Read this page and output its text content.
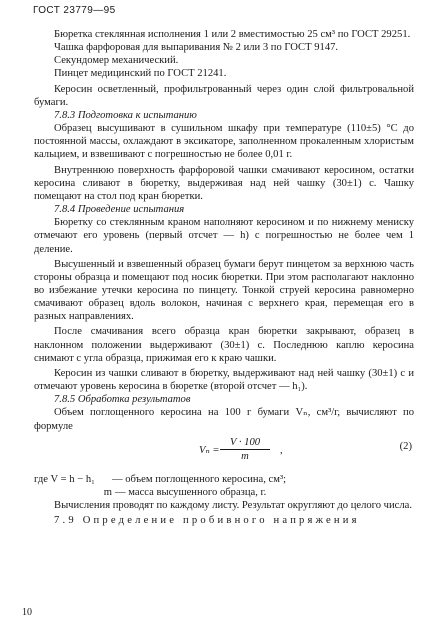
ГОСТ 23779—95

Бюретка стеклянная исполнения 1 или 2 вместимостью 25 см³ по ГОСТ 29251.

Чашка фарфоровая для выпаривания № 2 или 3 по ГОСТ 9147.

Секундомер механический.

Пинцет медицинский по ГОСТ 21241.

Керосин осветленный, профильтрованный через один слой фильтровальной бумаги.

7.8.3 Подготовка к испытанию

Образец высушивают в сушильном шкафу при температуре (110±5) °С до постоянной массы, охлаждают в эксикаторе, заполненном прокаленным хлористым кальцием, и взвешивают с погрешностью не более 0,01 г.

Внутреннюю поверхность фарфоровой чашки смачивают керосином, остатки керосина сливают в бюретку, выдерживая над ней чашку (30±1) с. Чашку помещают на стол под кран бюретки.

7.8.4 Проведение испытания

Бюретку со стеклянным краном наполняют керосином и по нижнему мениску отмечают его уровень (первый отсчет — h) с погрешностью не более чем 1 деление.

Высушенный и взвешенный образец бумаги берут пинцетом за верхнюю часть стороны образца и помещают под носик бюретки. При этом располагают наклонно во избежание утечки керосина по пинцету. Тонкой струей керосина равномерно смачивают образец вдоль волокон, начиная с верхнего края, перемещая его в разных направлениях.

После смачивания всего образца кран бюретки закрывают, образец в наклонном положении выдерживают (30±1) с. Последнюю каплю керосина снимают с угла образца, прижимая его к краю чашки.

Керосин из чашки сливают в бюретку, выдерживают над ней чашку (30±1) с и отмечают уровень керосина в бюретке (второй отсчет — h₁).

7.8.5 Обработка результатов

Объем поглощенного керосина на 100 г бумаги Vₙ, см³/г, вычисляют по формуле

$V_n = \frac{V \cdot 100}{m}$ ,	(2)
где V = h − h₁	— объем поглощенного керосина, см³;
m — масса высушенного образца, г.

Вычисления проводят по каждому листу. Результат округляют до целого числа.

7.9 Определение пробивного напряжения

10
